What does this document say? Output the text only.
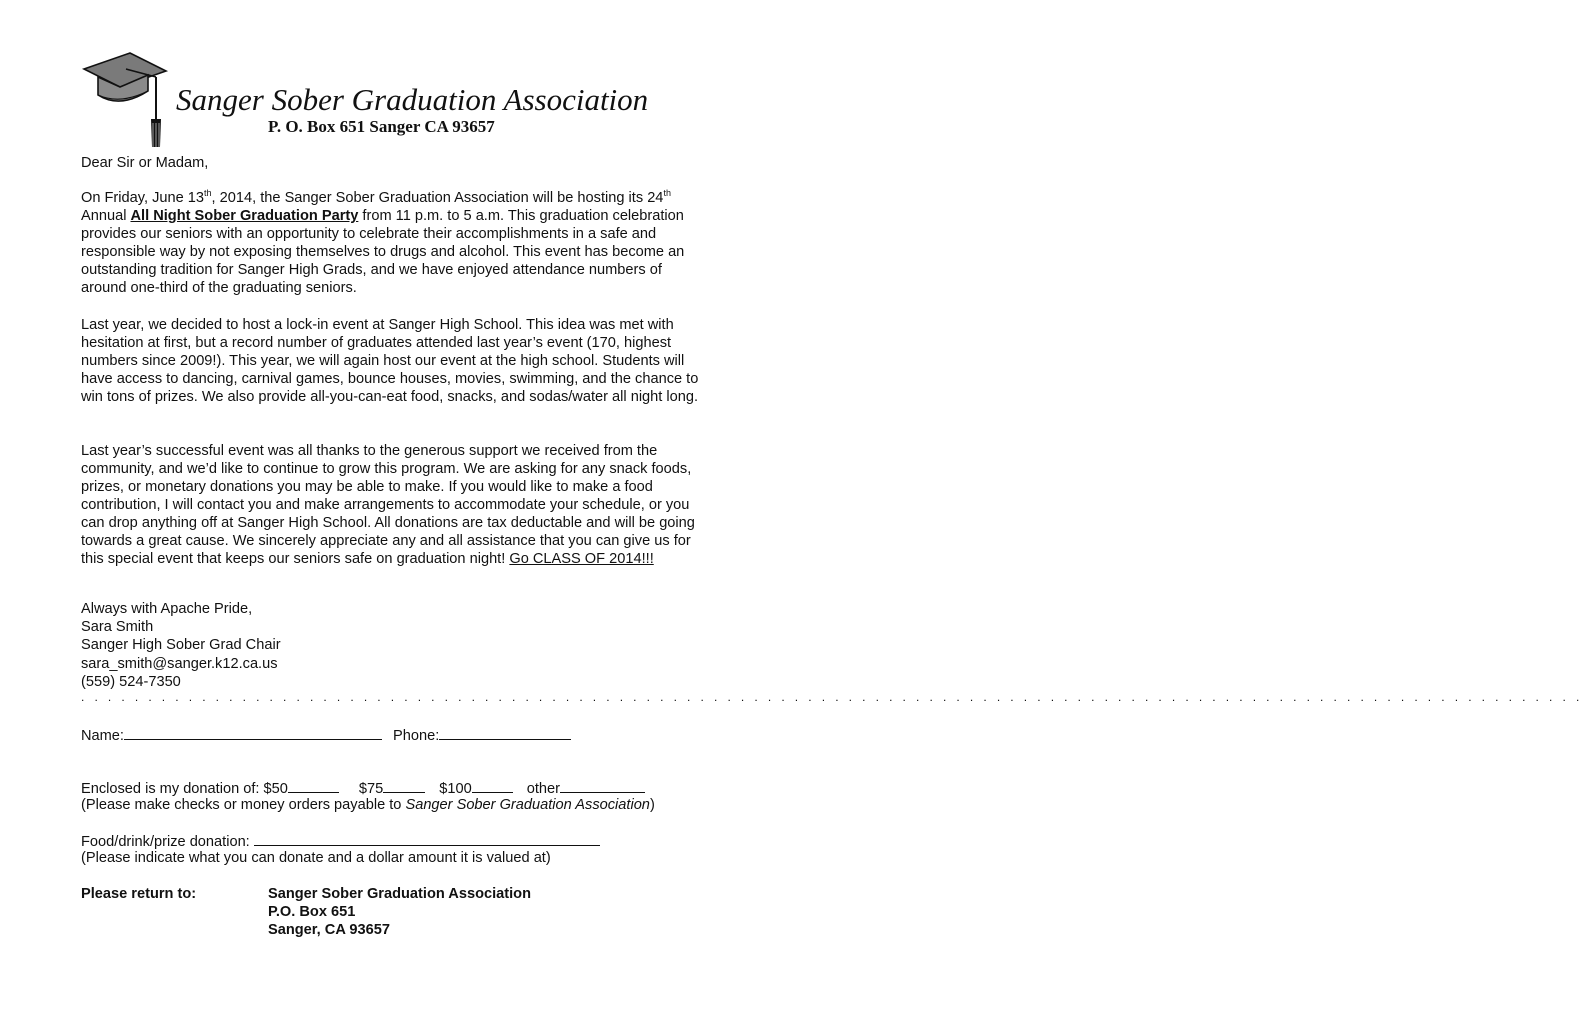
Sanger Sober Graduation Association
P. O. Box 651 Sanger CA 93657

Dear Sir or Madam,

On Friday, June 13th, 2014, the Sanger Sober Graduation Association will be hosting its 24th Annual All Night Sober Graduation Party from 11 p.m. to 5 a.m. This graduation celebration provides our seniors with an opportunity to celebrate their accomplishments in a safe and responsible way by not exposing themselves to drugs and alcohol. This event has become an outstanding tradition for Sanger High Grads, and we have enjoyed attendance numbers of around one-third of the graduating seniors.

Last year, we decided to host a lock-in event at Sanger High School. This idea was met with hesitation at first, but a record number of graduates attended last year’s event (170, highest numbers since 2009!). This year, we will again host our event at the high school. Students will have access to dancing, carnival games, bounce houses, movies, swimming, and the chance to win tons of prizes. We also provide all-you-can-eat food, snacks, and sodas/water all night long.

Last year’s successful event was all thanks to the generous support we received from the community, and we’d like to continue to grow this program. We are asking for any snack foods, prizes, or monetary donations you may be able to make. If you would like to make a food contribution, I will contact you and make arrangements to accommodate your schedule, or you can drop anything off at Sanger High School. All donations are tax deductable and will be going towards a great cause. We sincerely appreciate any and all assistance that you can give us for this special event that keeps our seniors safe on graduation night! Go CLASS OF 2014!!!

Always with Apache Pride,
Sara Smith
Sanger High Sober Grad Chair
sara_smith@sanger.k12.ca.us
(559) 524-7350
. . . . . . . . . . . . . . . . . . . . . . . . . . . . . . . . . . . . . . . . . . . . . . . . . . . . . . . . . . . . . . . . . . . . . . . . . . . . . . . . . . . . . . . . . . . . . . . . . . . . . . . . . . . . . . . .
Name:	Phone:
Enclosed is my donation of: $50	$75	$100	other
(Please make checks or money orders payable to Sanger Sober Graduation Association)
Food/drink/prize donation:
(Please indicate what you can donate and a dollar amount it is valued at)
Please return to:	Sanger Sober Graduation Association
P.O. Box 651
Sanger, CA 93657
